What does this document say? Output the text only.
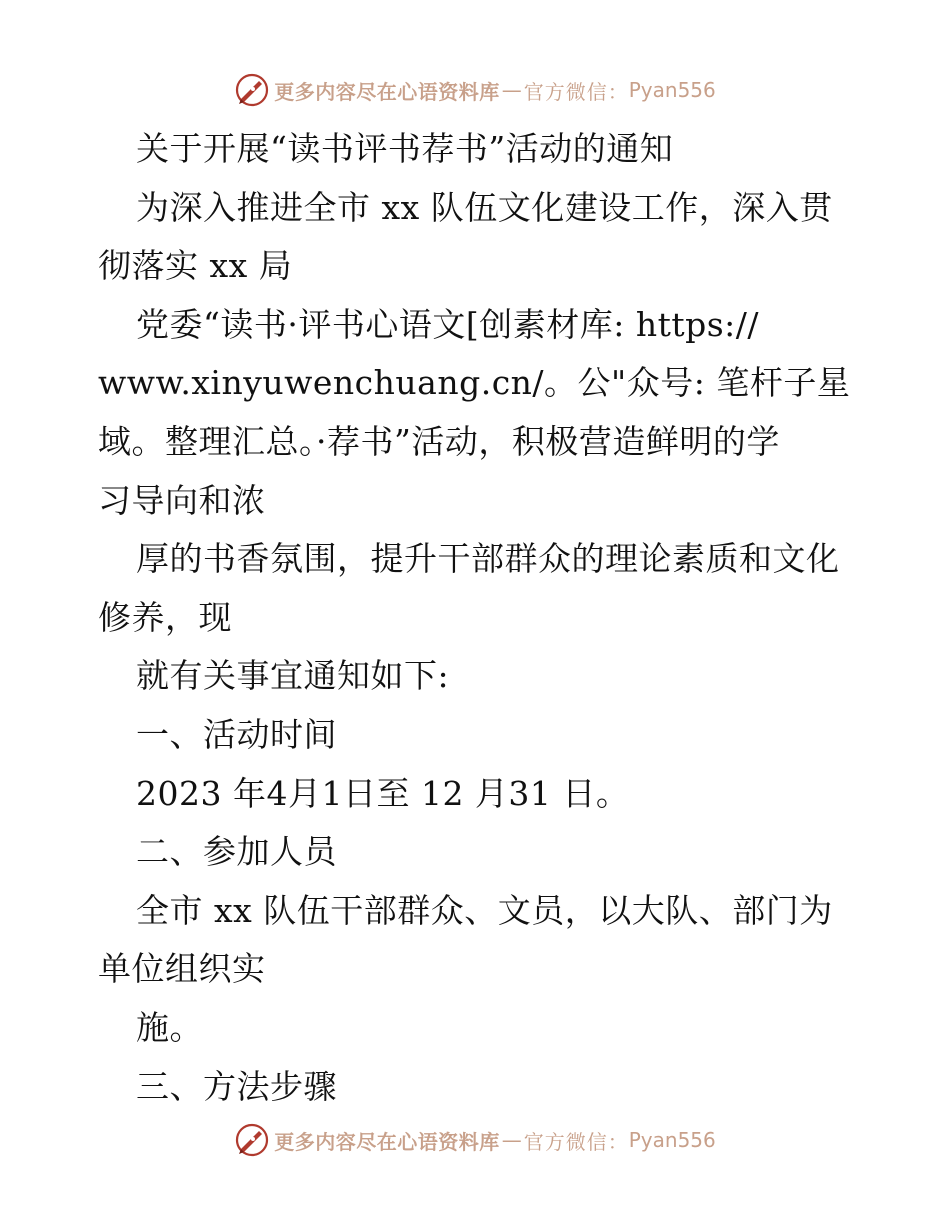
更多内容尽在心语资料库 — 官方微信： Pyan556
关于开展“读书评书荐书”活动的通知
为深入推进全市 xx 队伍文化建设工作，深入贯
彻落实 xx 局
党委“读书·评书心语文[创素材库: https://
www.xinyuwenchuang.cn/。公"众号: 笔杆子星
域。整理汇总。·荐书”活动，积极营造鲜明的学
习导向和浓
厚的书香氛围，提升干部群众的理论素质和文化
修养，现
就有关事宜通知如下:
一、活动时间
2023 年4月1日至 12 月31 日。
二、参加人员
全市 xx 队伍干部群众、文员，以大队、部门为
单位组织实
施。
三、方法步骤
更多内容尽在心语资料库 — 官方微信： Pyan556
